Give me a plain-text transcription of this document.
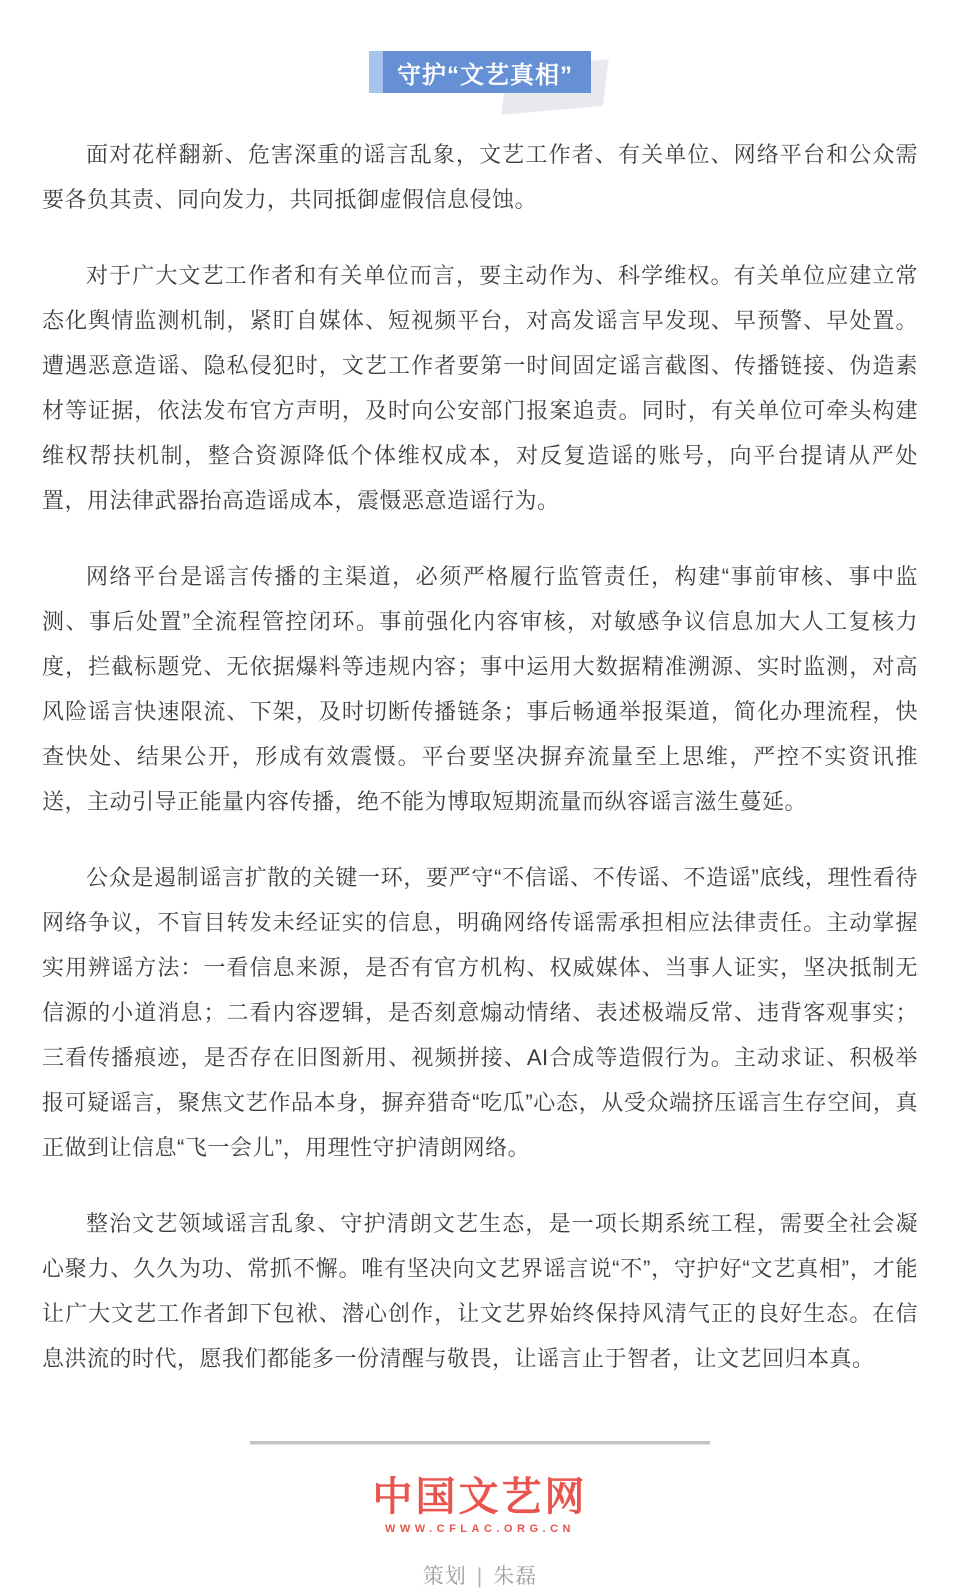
守护“文艺真相”

面对花样翻新、危害深重的谣言乱象，文艺工作者、有关单位、网络平台和公众需要各负其责、同向发力，共同抵御虚假信息侵蚀。

对于广大文艺工作者和有关单位而言，要主动作为、科学维权。有关单位应建立常态化舆情监测机制，紧盯自媒体、短视频平台，对高发谣言早发现、早预警、早处置。遭遇恶意造谣、隐私侵犯时，文艺工作者要第一时间固定谣言截图、传播链接、伪造素材等证据，依法发布官方声明，及时向公安部门报案追责。同时，有关单位可牵头构建维权帮扶机制，整合资源降低个体维权成本，对反复造谣的账号，向平台提请从严处置，用法律武器抬高造谣成本，震慑恶意造谣行为。

网络平台是谣言传播的主渠道，必须严格履行监管责任，构建“事前审核、事中监测、事后处置”全流程管控闭环。事前强化内容审核，对敏感争议信息加大人工复核力度，拦截标题党、无依据爆料等违规内容；事中运用大数据精准溯源、实时监测，对高风险谣言快速限流、下架，及时切断传播链条；事后畅通举报渠道，简化办理流程，快查快处、结果公开，形成有效震慑。平台要坚决摒弃流量至上思维，严控不实资讯推送，主动引导正能量内容传播，绝不能为博取短期流量而纵容谣言滋生蔓延。

公众是遏制谣言扩散的关键一环，要严守“不信谣、不传谣、不造谣”底线，理性看待网络争议，不盲目转发未经证实的信息，明确网络传谣需承担相应法律责任。主动掌握实用辨谣方法：一看信息来源，是否有官方机构、权威媒体、当事人证实，坚决抵制无信源的小道消息；二看内容逻辑，是否刻意煽动情绪、表述极端反常、违背客观事实；三看传播痕迹，是否存在旧图新用、视频拼接、AI合成等造假行为。主动求证、积极举报可疑谣言，聚焦文艺作品本身，摒弃猎奇“吃瓜”心态，从受众端挤压谣言生存空间，真正做到让信息“飞一会儿”，用理性守护清朗网络。

整治文艺领域谣言乱象、守护清朗文艺生态，是一项长期系统工程，需要全社会凝心聚力、久久为功、常抓不懈。唯有坚决向文艺界谣言说“不”，守护好“文艺真相”，才能让广大文艺工作者卸下包袱、潜心创作，让文艺界始终保持风清气正的良好生态。在信息洪流的时代，愿我们都能多一份清醒与敬畏，让谣言止于智者，让文艺回归本真。

中国文艺网
WWW.CFLAC.ORG.CN
策划 | 朱磊
